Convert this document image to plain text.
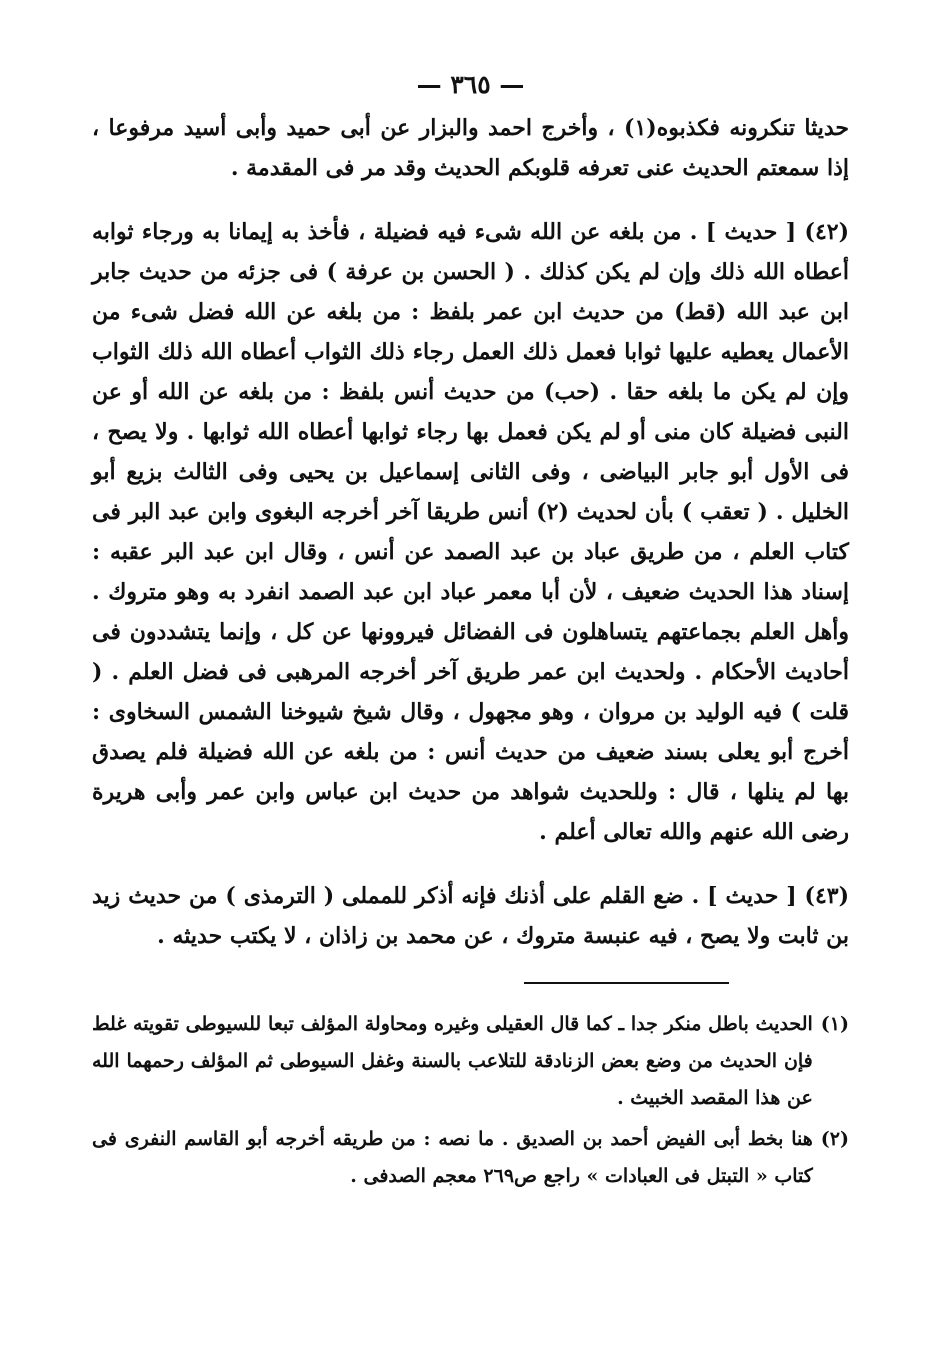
— ٣٦٥ —

حديثا تنكرونه فكذبوه(١) ، وأخرج احمد والبزار عن أبى حميد وأبى أسيد مرفوعا ، إذا سمعتم الحديث عنى تعرفه قلوبكم الحديث وقد مر فى المقدمة .

(٤٢) [ حديث ] . من بلغه عن الله شىء فيه فضيلة ، فأخذ به إيمانا به ورجاء ثوابه أعطاه الله ذلك وإن لم يكن كذلك . ( الحسن بن عرفة ) فى جزئه من حديث جابر ابن عبد الله (قط) من حديث ابن عمر بلفظ : من بلغه عن الله فضل شىء من الأعمال يعطيه عليها ثوابا فعمل ذلك العمل رجاء ذلك الثواب أعطاه الله ذلك الثواب وإن لم يكن ما بلغه حقا . (حب) من حديث أنس بلفظ : من بلغه عن الله أو عن النبى فضيلة كان منى أو لم يكن فعمل بها رجاء ثوابها أعطاه الله ثوابها . ولا يصح ، فى الأول أبو جابر البياضى ، وفى الثانى إسماعيل بن يحيى وفى الثالث بزيع أبو الخليل . ( تعقب ) بأن لحديث (٢) أنس طريقا آخر أخرجه البغوى وابن عبد البر فى كتاب العلم ، من طريق عباد بن عبد الصمد عن أنس ، وقال ابن عبد البر عقبه : إسناد هذا الحديث ضعيف ، لأن أبا معمر عباد ابن عبد الصمد انفرد به وهو متروك . وأهل العلم بجماعتهم يتساهلون فى الفضائل فيروونها عن كل ، وإنما يتشددون فى أحاديث الأحكام . ولحديث ابن عمر طريق آخر أخرجه المرهبى فى فضل العلم . ( قلت ) فيه الوليد بن مروان ، وهو مجهول ، وقال شيخ شيوخنا الشمس السخاوى : أخرج أبو يعلى بسند ضعيف من حديث أنس : من بلغه عن الله فضيلة فلم يصدق بها لم ينلها ، قال : وللحديث شواهد من حديث ابن عباس وابن عمر وأبى هريرة رضى الله عنهم والله تعالى أعلم .

(٤٣) [ حديث ] . ضع القلم على أذنك فإنه أذكر للمملى ( الترمذى ) من حديث زيد بن ثابت ولا يصح ، فيه عنبسة متروك ، عن محمد بن زاذان ، لا يكتب حديثه .

(١)
الحديث باطل منكر جدا ـ كما قال العقيلى وغيره ومحاولة المؤلف تبعا للسيوطى تقويته غلط فإن الحديث من وضع بعض الزنادقة للتلاعب بالسنة وغفل السيوطى ثم المؤلف رحمهما الله عن هذا المقصد الخبيث .
(٢)
هنا بخط أبى الفيض أحمد بن الصديق . ما نصه : من طريقه أخرجه أبو القاسم النفرى فى كتاب « التبتل فى العبادات » راجع ص٢٦٩ معجم الصدفى .
